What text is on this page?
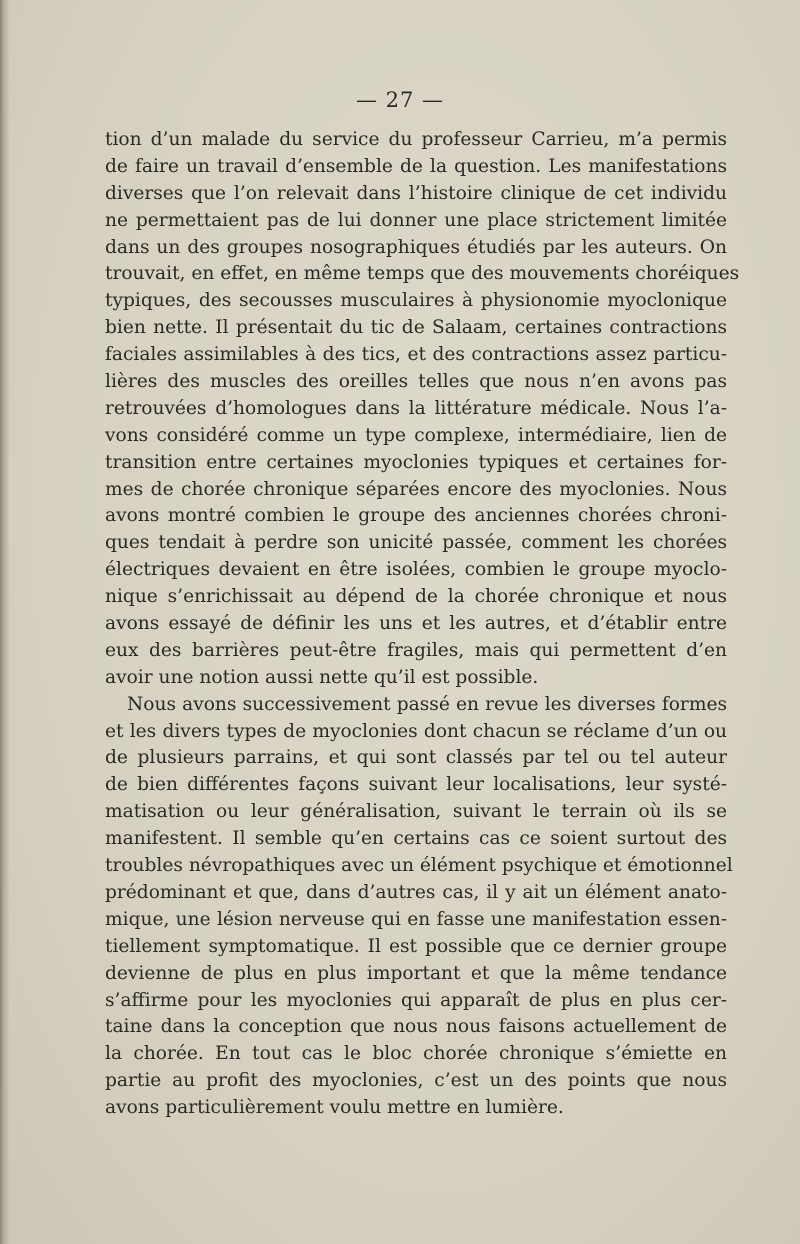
— 27 —
tion d’un malade du service du professeur Carrieu, m’a permis
de faire un travail d’ensemble de la question. Les manifestations
diverses que l’on relevait dans l’histoire clinique de cet individu
ne permettaient pas de lui donner une place strictement limitée
dans un des groupes nosographiques étudiés par les auteurs. On
trouvait, en effet, en même temps que des mouvements choréiques
typiques, des secousses musculaires à physionomie myoclonique
bien nette. Il présentait du tic de Salaam, certaines contractions
faciales assimilables à des tics, et des contractions assez particu-
lières des muscles des oreilles telles que nous n’en avons pas
retrouvées d’homologues dans la littérature médicale. Nous l’a-
vons considéré comme un type complexe, intermédiaire, lien de
transition entre certaines myoclonies typiques et certaines for-
mes de chorée chronique séparées encore des myoclonies. Nous
avons montré combien le groupe des anciennes chorées chroni-
ques tendait à perdre son unicité passée, comment les chorées
électriques devaient en être isolées, combien le groupe myoclo-
nique s’enrichissait au dépend de la chorée chronique et nous
avons essayé de définir les uns et les autres, et d’établir entre
eux des barrières peut-être fragiles, mais qui permettent d’en
avoir une notion aussi nette qu’il est possible.
Nous avons successivement passé en revue les diverses formes
et les divers types de myoclonies dont chacun se réclame d’un ou
de plusieurs parrains, et qui sont classés par tel ou tel auteur
de bien différentes façons suivant leur localisations, leur systé-
matisation ou leur généralisation, suivant le terrain où ils se
manifestent. Il semble qu’en certains cas ce soient surtout des
troubles névropathiques avec un élément psychique et émotionnel
prédominant et que, dans d’autres cas, il y ait un élément anato-
mique, une lésion nerveuse qui en fasse une manifestation essen-
tiellement symptomatique. Il est possible que ce dernier groupe
devienne de plus en plus important et que la même tendance
s’affirme pour les myoclonies qui apparaît de plus en plus cer-
taine dans la conception que nous nous faisons actuellement de
la chorée. En tout cas le bloc chorée chronique s’émiette en
partie au profit des myoclonies, c’est un des points que nous
avons particulièrement voulu mettre en lumière.
